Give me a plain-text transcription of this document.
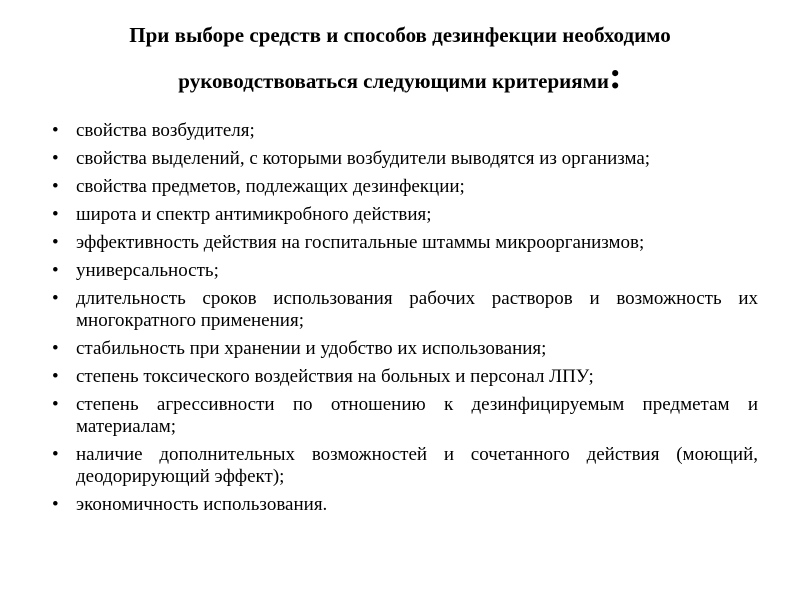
При выборе средств и способов дезинфекции необходимо
руководствоваться следующими критериями:
• свойства возбудителя;
• свойства выделений, с которыми возбудители выводятся из организма;
• свойства предметов, подлежащих дезинфекции;
• широта и спектр антимикробного действия;
• эффективность действия на госпитальные штаммы микроорганизмов;
• универсальность;
• длительность сроков использования рабочих растворов и возможность их многократного применения;
• стабильность при хранении и удобство их использования;
• степень токсического воздействия на больных и персонал ЛПУ;
• степень агрессивности по отношению к дезинфицируемым предметам и материалам;
• наличие дополнительных возможностей и сочетанного действия (моющий, деодорирующий эффект);
• экономичность использования.
